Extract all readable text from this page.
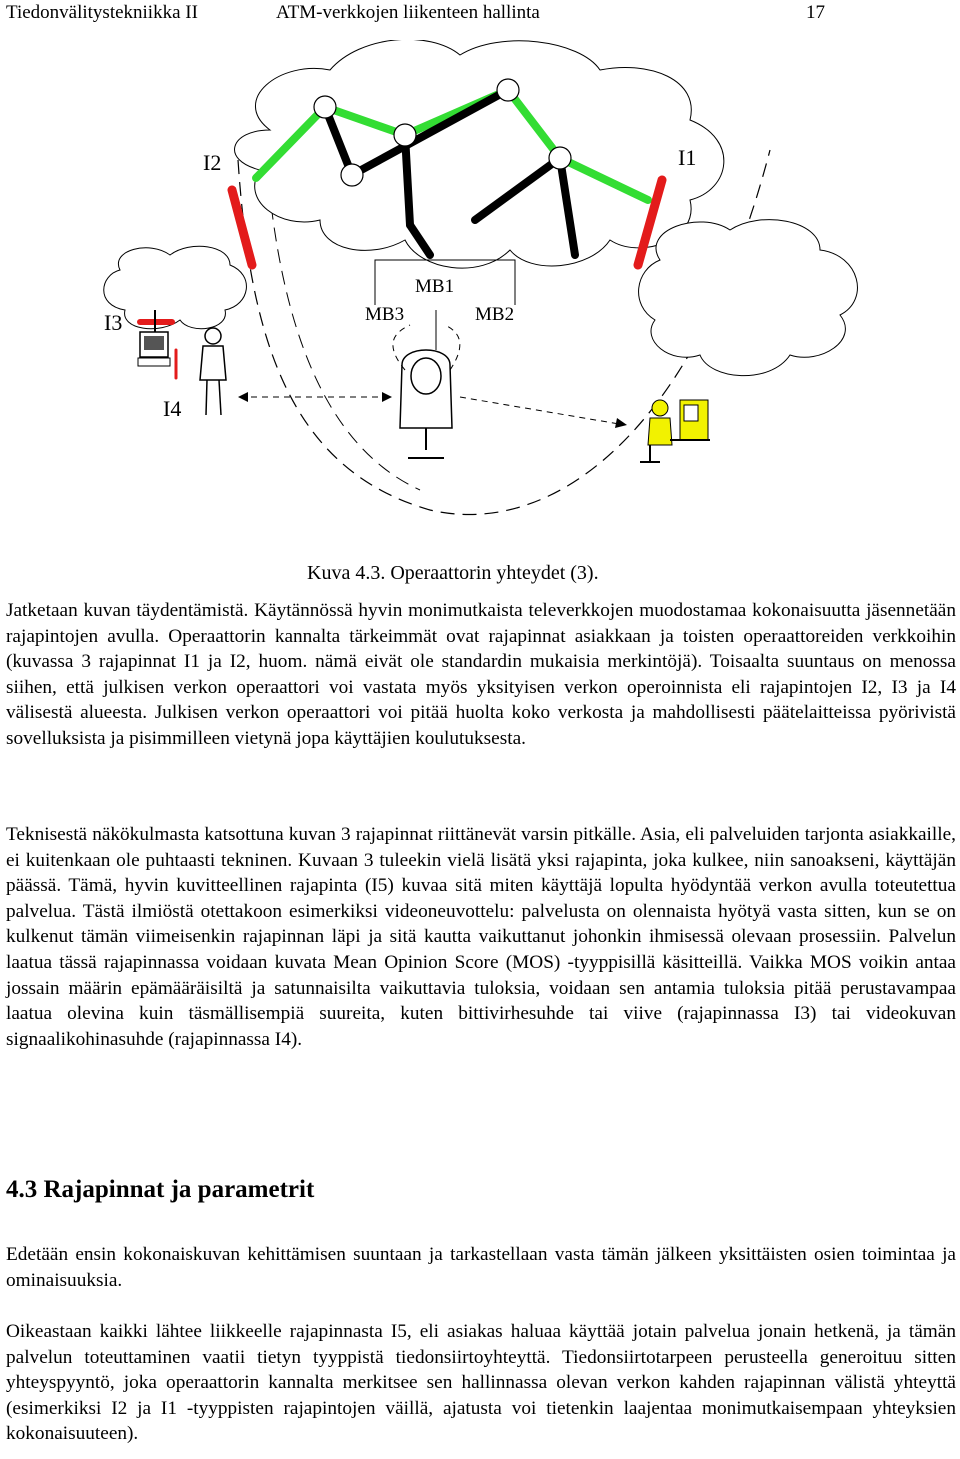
Tiedonvälitystekniikka II	ATM-verkkojen liikenteen hallinta	17
I2	I1
I3
I4
MB1
MB3	MB2
Kuva 4.3. Operaattorin yhteydet (3).
Jatketaan kuvan täydentämistä. Käytännössä hyvin monimutkaista televerkkojen muodostamaa kokonaisuutta jäsennetään rajapintojen avulla. Operaattorin kannalta tärkeimmät ovat rajapinnat asiakkaan ja toisten operaattoreiden verkkoihin (kuvassa 3 rajapinnat I1 ja I2, huom. nämä eivät ole standardin mukaisia merkintöjä). Toisaalta suuntaus on menossa siihen, että julkisen verkon operaattori voi vastata myös yksityisen verkon operoinnista eli rajapintojen I2, I3 ja I4 välisestä alueesta. Julkisen verkon operaattori voi pitää huolta koko verkosta ja mahdollisesti päätelaitteissa pyörivistä sovelluksista ja pisimmilleen vietynä jopa käyttäjien koulutuksesta.
Teknisestä näkökulmasta katsottuna kuvan 3 rajapinnat riittänevät varsin pitkälle. Asia, eli palveluiden tarjonta asiakkaille, ei kuitenkaan ole puhtaasti tekninen. Kuvaan 3 tuleekin vielä lisätä yksi rajapinta, joka kulkee, niin sanoakseni, käyttäjän päässä. Tämä, hyvin kuvitteellinen rajapinta (I5) kuvaa sitä miten käyttäjä lopulta hyödyntää verkon avulla toteutettua palvelua. Tästä ilmiöstä otettakoon esimerkiksi videoneuvottelu: palvelusta on olennaista hyötyä vasta sitten, kun se on kulkenut tämän viimeisenkin rajapinnan läpi ja sitä kautta vaikuttanut johonkin ihmisessä olevaan prosessiin. Palvelun laatua tässä rajapinnassa voidaan kuvata Mean Opinion Score (MOS) -tyyppisillä käsitteillä. Vaikka MOS voikin antaa jossain määrin epämääräisiltä ja satunnaisilta vaikuttavia tuloksia, voidaan sen antamia tuloksia pitää perustavampaa laatua olevina kuin täsmällisempiä suureita, kuten bittivirhesuhde tai viive (rajapinnassa I3) tai videokuvan signaalikohinasuhde (rajapinnassa I4).
4.3 Rajapinnat ja parametrit
Edetään ensin kokonaiskuvan kehittämisen suuntaan ja tarkastellaan vasta tämän jälkeen yksittäisten osien toimintaa ja ominaisuuksia.
Oikeastaan kaikki lähtee liikkeelle rajapinnasta I5, eli asiakas haluaa käyttää jotain palvelua jonain hetkenä, ja tämän palvelun toteuttaminen vaatii tietyn tyyppistä tiedonsiirtoyhteyttä. Tiedonsiirtotarpeen perusteella generoituu sitten yhteyspyyntö, joka operaattorin kannalta merkitsee sen hallinnassa olevan verkon kahden rajapinnan välistä yhteyttä (esimerkiksi I2 ja I1 -tyyppisten rajapintojen väillä, ajatusta voi tietenkin laajentaa monimutkaisempaan yhteyksien kokonaisuuteen).
